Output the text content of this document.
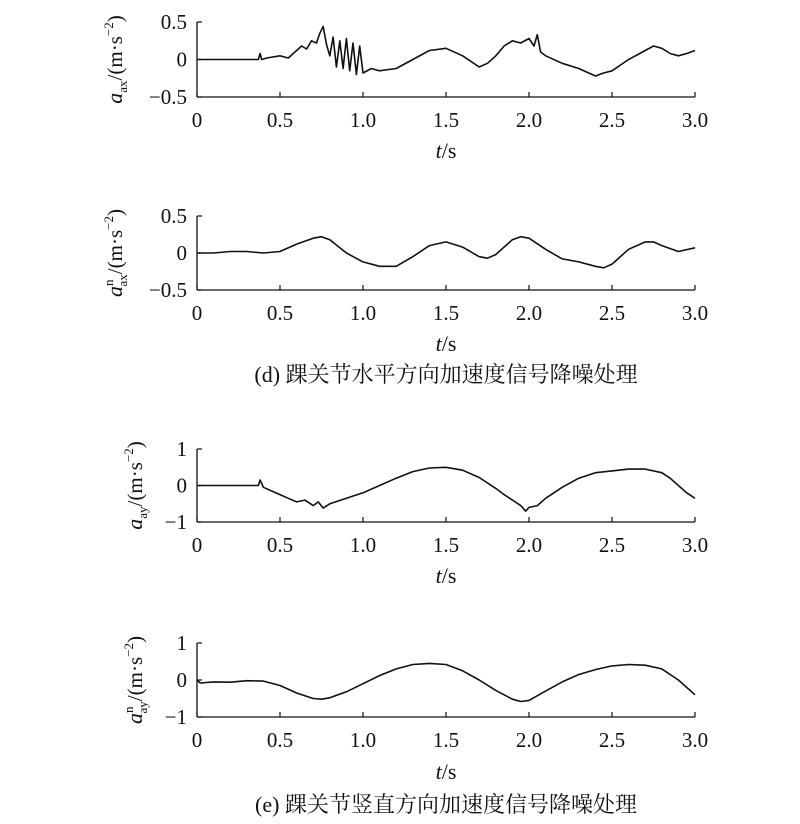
0	0.5	1.0	1.5	2.0	2.5	3.0
0.5
0
−0.5
t/s
$a_{ax}/(m\cdot s^{-2})$
0	0.5	1.0	1.5	2.0	2.5	3.0
0.5
0
−0.5
t/s
$a^nax/(m\cdot s^{-2})$
0	0.5	1.0	1.5	2.0	2.5	3.0
1
0
−1
t/s
$a_{ay}/(m\cdot s^{-2})$
0	0.5	1.0	1.5	2.0	2.5	3.0
1
0
−1
t/s
$a^nay/(m\cdot s^{-2})$
(d) 踝关节水平方向加速度信号降噪处理
(e) 踝关节竖直方向加速度信号降噪处理
